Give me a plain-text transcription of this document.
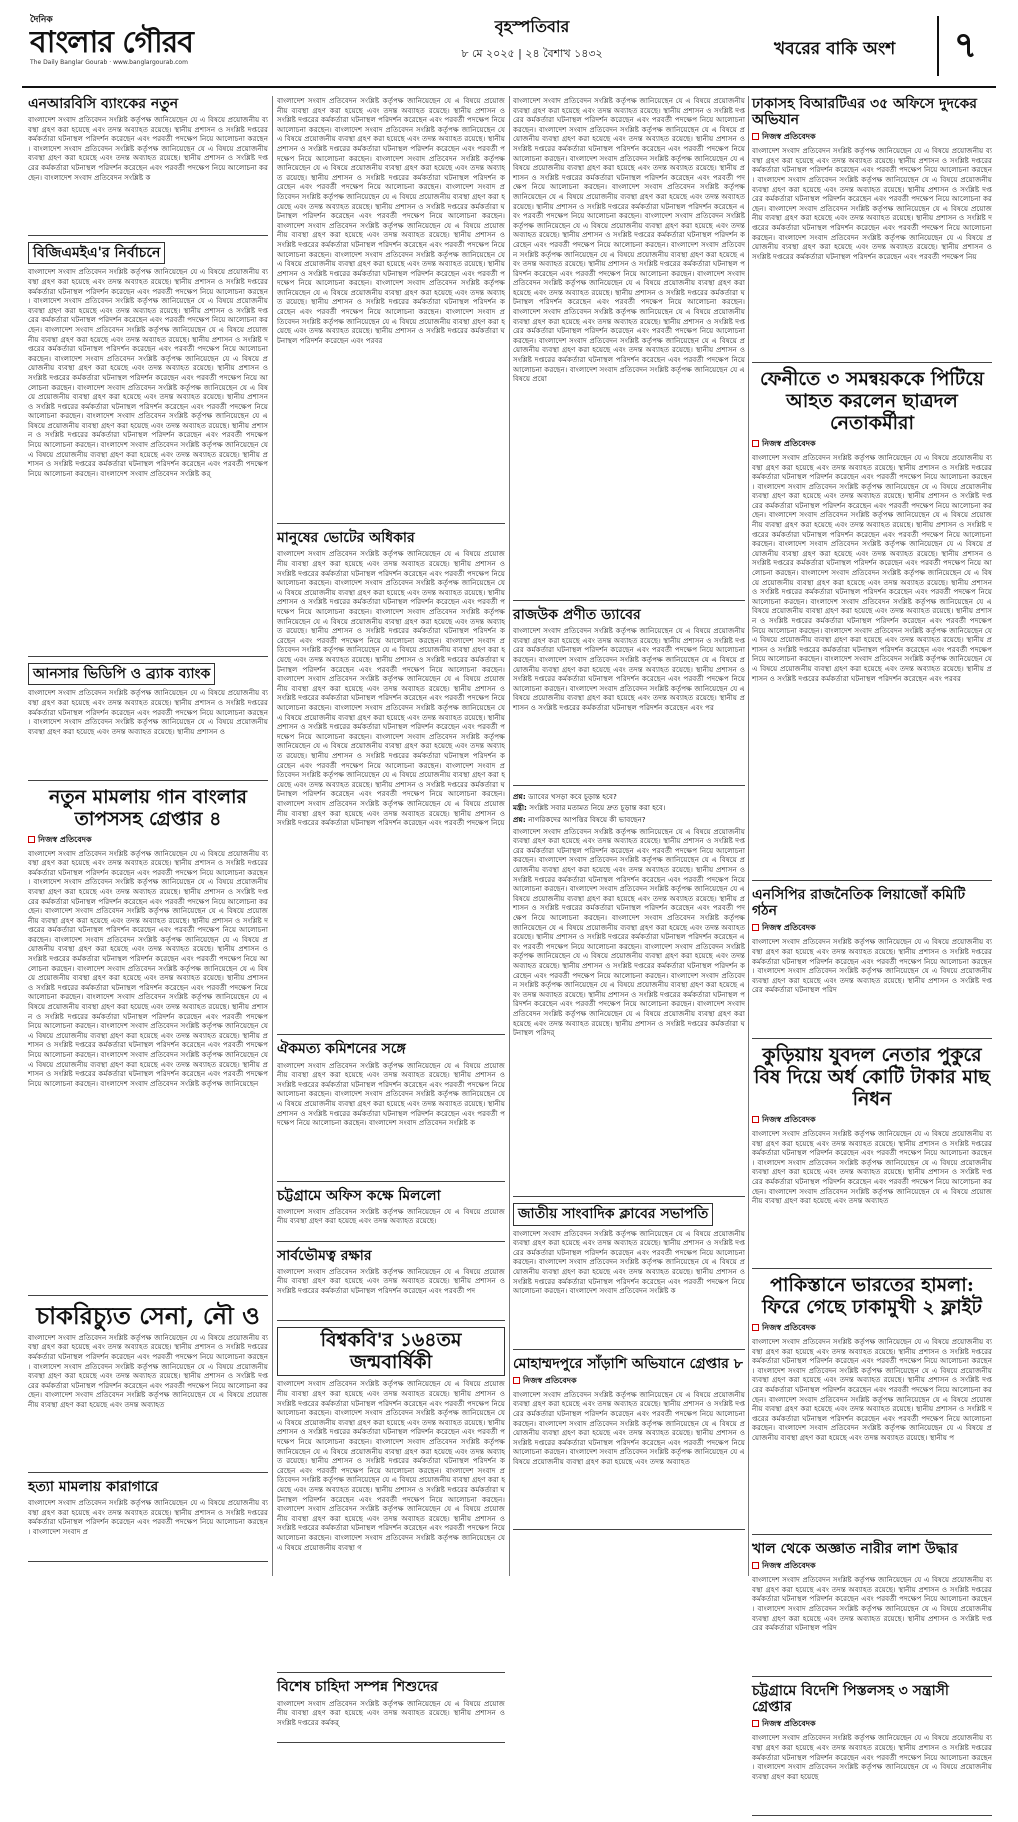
দৈনিক
বাংলার গৌরব
The Daily Banglar Gourab · www.banglargourab.com
বৃহস্পতিবার
৮ মে ২০২৫ | ২৪ বৈশাখ ১৪৩২	খবরের বাকি অংশ	৭
এনআরবিসি ব্যাংকের নতুন
বাংলাদেশ সংবাদ প্রতিবেদন সংশ্লিষ্ট কর্তৃপক্ষ জানিয়েছেন যে এ বিষয়ে প্রয়োজনীয় ব্যবস্থা গ্রহণ করা হয়েছে এবং তদন্ত অব্যাহত রয়েছে। স্থানীয় প্রশাসন ও সংশ্লিষ্ট দপ্তরের কর্মকর্তারা ঘটনাস্থল পরিদর্শন করেছেন এবং পরবর্তী পদক্ষেপ নিয়ে আলোচনা করছেন। বাংলাদেশ সংবাদ প্রতিবেদন সংশ্লিষ্ট কর্তৃপক্ষ জানিয়েছেন যে এ বিষয়ে প্রয়োজনীয় ব্যবস্থা গ্রহণ করা হয়েছে এবং তদন্ত অব্যাহত রয়েছে। স্থানীয় প্রশাসন ও সংশ্লিষ্ট দপ্তরের কর্মকর্তারা ঘটনাস্থল পরিদর্শন করেছেন এবং পরবর্তী পদক্ষেপ নিয়ে আলোচনা করছেন। বাংলাদেশ সংবাদ প্রতিবেদন সংশ্লিষ্ট ক
বিজিএমইএ'র নির্বাচনে
বাংলাদেশ সংবাদ প্রতিবেদন সংশ্লিষ্ট কর্তৃপক্ষ জানিয়েছেন যে এ বিষয়ে প্রয়োজনীয় ব্যবস্থা গ্রহণ করা হয়েছে এবং তদন্ত অব্যাহত রয়েছে। স্থানীয় প্রশাসন ও সংশ্লিষ্ট দপ্তরের কর্মকর্তারা ঘটনাস্থল পরিদর্শন করেছেন এবং পরবর্তী পদক্ষেপ নিয়ে আলোচনা করছেন। বাংলাদেশ সংবাদ প্রতিবেদন সংশ্লিষ্ট কর্তৃপক্ষ জানিয়েছেন যে এ বিষয়ে প্রয়োজনীয় ব্যবস্থা গ্রহণ করা হয়েছে এবং তদন্ত অব্যাহত রয়েছে। স্থানীয় প্রশাসন ও সংশ্লিষ্ট দপ্তরের কর্মকর্তারা ঘটনাস্থল পরিদর্শন করেছেন এবং পরবর্তী পদক্ষেপ নিয়ে আলোচনা করছেন। বাংলাদেশ সংবাদ প্রতিবেদন সংশ্লিষ্ট কর্তৃপক্ষ জানিয়েছেন যে এ বিষয়ে প্রয়োজনীয় ব্যবস্থা গ্রহণ করা হয়েছে এবং তদন্ত অব্যাহত রয়েছে। স্থানীয় প্রশাসন ও সংশ্লিষ্ট দপ্তরের কর্মকর্তারা ঘটনাস্থল পরিদর্শন করেছেন এবং পরবর্তী পদক্ষেপ নিয়ে আলোচনা করছেন। বাংলাদেশ সংবাদ প্রতিবেদন সংশ্লিষ্ট কর্তৃপক্ষ জানিয়েছেন যে এ বিষয়ে প্রয়োজনীয় ব্যবস্থা গ্রহণ করা হয়েছে এবং তদন্ত অব্যাহত রয়েছে। স্থানীয় প্রশাসন ও সংশ্লিষ্ট দপ্তরের কর্মকর্তারা ঘটনাস্থল পরিদর্শন করেছেন এবং পরবর্তী পদক্ষেপ নিয়ে আলোচনা করছেন। বাংলাদেশ সংবাদ প্রতিবেদন সংশ্লিষ্ট কর্তৃপক্ষ জানিয়েছেন যে এ বিষয়ে প্রয়োজনীয় ব্যবস্থা গ্রহণ করা হয়েছে এবং তদন্ত অব্যাহত রয়েছে। স্থানীয় প্রশাসন ও সংশ্লিষ্ট দপ্তরের কর্মকর্তারা ঘটনাস্থল পরিদর্শন করেছেন এবং পরবর্তী পদক্ষেপ নিয়ে আলোচনা করছেন। বাংলাদেশ সংবাদ প্রতিবেদন সংশ্লিষ্ট কর্তৃপক্ষ জানিয়েছেন যে এ বিষয়ে প্রয়োজনীয় ব্যবস্থা গ্রহণ করা হয়েছে এবং তদন্ত অব্যাহত রয়েছে। স্থানীয় প্রশাসন ও সংশ্লিষ্ট দপ্তরের কর্মকর্তারা ঘটনাস্থল পরিদর্শন করেছেন এবং পরবর্তী পদক্ষেপ নিয়ে আলোচনা করছেন। বাংলাদেশ সংবাদ প্রতিবেদন সংশ্লিষ্ট কর্তৃপক্ষ জানিয়েছেন যে এ বিষয়ে প্রয়োজনীয় ব্যবস্থা গ্রহণ করা হয়েছে এবং তদন্ত অব্যাহত রয়েছে। স্থানীয় প্রশাসন ও সংশ্লিষ্ট দপ্তরের কর্মকর্তারা ঘটনাস্থল পরিদর্শন করেছেন এবং পরবর্তী পদক্ষেপ নিয়ে আলোচনা করছেন। বাংলাদেশ সংবাদ প্রতিবেদন সংশ্লিষ্ট কর্
আনসার ভিডিপি ও ব্র্যাক ব্যাংক
বাংলাদেশ সংবাদ প্রতিবেদন সংশ্লিষ্ট কর্তৃপক্ষ জানিয়েছেন যে এ বিষয়ে প্রয়োজনীয় ব্যবস্থা গ্রহণ করা হয়েছে এবং তদন্ত অব্যাহত রয়েছে। স্থানীয় প্রশাসন ও সংশ্লিষ্ট দপ্তরের কর্মকর্তারা ঘটনাস্থল পরিদর্শন করেছেন এবং পরবর্তী পদক্ষেপ নিয়ে আলোচনা করছেন। বাংলাদেশ সংবাদ প্রতিবেদন সংশ্লিষ্ট কর্তৃপক্ষ জানিয়েছেন যে এ বিষয়ে প্রয়োজনীয় ব্যবস্থা গ্রহণ করা হয়েছে এবং তদন্ত অব্যাহত রয়েছে। স্থানীয় প্রশাসন ও
নতুন মামলায় গান বাংলার তাপসসহ গ্রেপ্তার ৪
নিজস্ব প্রতিবেদক
বাংলাদেশ সংবাদ প্রতিবেদন সংশ্লিষ্ট কর্তৃপক্ষ জানিয়েছেন যে এ বিষয়ে প্রয়োজনীয় ব্যবস্থা গ্রহণ করা হয়েছে এবং তদন্ত অব্যাহত রয়েছে। স্থানীয় প্রশাসন ও সংশ্লিষ্ট দপ্তরের কর্মকর্তারা ঘটনাস্থল পরিদর্শন করেছেন এবং পরবর্তী পদক্ষেপ নিয়ে আলোচনা করছেন। বাংলাদেশ সংবাদ প্রতিবেদন সংশ্লিষ্ট কর্তৃপক্ষ জানিয়েছেন যে এ বিষয়ে প্রয়োজনীয় ব্যবস্থা গ্রহণ করা হয়েছে এবং তদন্ত অব্যাহত রয়েছে। স্থানীয় প্রশাসন ও সংশ্লিষ্ট দপ্তরের কর্মকর্তারা ঘটনাস্থল পরিদর্শন করেছেন এবং পরবর্তী পদক্ষেপ নিয়ে আলোচনা করছেন। বাংলাদেশ সংবাদ প্রতিবেদন সংশ্লিষ্ট কর্তৃপক্ষ জানিয়েছেন যে এ বিষয়ে প্রয়োজনীয় ব্যবস্থা গ্রহণ করা হয়েছে এবং তদন্ত অব্যাহত রয়েছে। স্থানীয় প্রশাসন ও সংশ্লিষ্ট দপ্তরের কর্মকর্তারা ঘটনাস্থল পরিদর্শন করেছেন এবং পরবর্তী পদক্ষেপ নিয়ে আলোচনা করছেন। বাংলাদেশ সংবাদ প্রতিবেদন সংশ্লিষ্ট কর্তৃপক্ষ জানিয়েছেন যে এ বিষয়ে প্রয়োজনীয় ব্যবস্থা গ্রহণ করা হয়েছে এবং তদন্ত অব্যাহত রয়েছে। স্থানীয় প্রশাসন ও সংশ্লিষ্ট দপ্তরের কর্মকর্তারা ঘটনাস্থল পরিদর্শন করেছেন এবং পরবর্তী পদক্ষেপ নিয়ে আলোচনা করছেন। বাংলাদেশ সংবাদ প্রতিবেদন সংশ্লিষ্ট কর্তৃপক্ষ জানিয়েছেন যে এ বিষয়ে প্রয়োজনীয় ব্যবস্থা গ্রহণ করা হয়েছে এবং তদন্ত অব্যাহত রয়েছে। স্থানীয় প্রশাসন ও সংশ্লিষ্ট দপ্তরের কর্মকর্তারা ঘটনাস্থল পরিদর্শন করেছেন এবং পরবর্তী পদক্ষেপ নিয়ে আলোচনা করছেন। বাংলাদেশ সংবাদ প্রতিবেদন সংশ্লিষ্ট কর্তৃপক্ষ জানিয়েছেন যে এ বিষয়ে প্রয়োজনীয় ব্যবস্থা গ্রহণ করা হয়েছে এবং তদন্ত অব্যাহত রয়েছে। স্থানীয় প্রশাসন ও সংশ্লিষ্ট দপ্তরের কর্মকর্তারা ঘটনাস্থল পরিদর্শন করেছেন এবং পরবর্তী পদক্ষেপ নিয়ে আলোচনা করছেন। বাংলাদেশ সংবাদ প্রতিবেদন সংশ্লিষ্ট কর্তৃপক্ষ জানিয়েছেন যে এ বিষয়ে প্রয়োজনীয় ব্যবস্থা গ্রহণ করা হয়েছে এবং তদন্ত অব্যাহত রয়েছে। স্থানীয় প্রশাসন ও সংশ্লিষ্ট দপ্তরের কর্মকর্তারা ঘটনাস্থল পরিদর্শন করেছেন এবং পরবর্তী পদক্ষেপ নিয়ে আলোচনা করছেন। বাংলাদেশ সংবাদ প্রতিবেদন সংশ্লিষ্ট কর্তৃপক্ষ জানিয়েছেন যে এ বিষয়ে প্রয়োজনীয় ব্যবস্থা গ্রহণ করা হয়েছে এবং তদন্ত অব্যাহত রয়েছে। স্থানীয় প্রশাসন ও সংশ্লিষ্ট দপ্তরের কর্মকর্তারা ঘটনাস্থল পরিদর্শন করেছেন এবং পরবর্তী পদক্ষেপ নিয়ে আলোচনা করছেন। বাংলাদেশ সংবাদ প্রতিবেদন সংশ্লিষ্ট কর্তৃপক্ষ জানিয়েছেন
চাকরিচ্যুত সেনা, নৌ ও
বাংলাদেশ সংবাদ প্রতিবেদন সংশ্লিষ্ট কর্তৃপক্ষ জানিয়েছেন যে এ বিষয়ে প্রয়োজনীয় ব্যবস্থা গ্রহণ করা হয়েছে এবং তদন্ত অব্যাহত রয়েছে। স্থানীয় প্রশাসন ও সংশ্লিষ্ট দপ্তরের কর্মকর্তারা ঘটনাস্থল পরিদর্শন করেছেন এবং পরবর্তী পদক্ষেপ নিয়ে আলোচনা করছেন। বাংলাদেশ সংবাদ প্রতিবেদন সংশ্লিষ্ট কর্তৃপক্ষ জানিয়েছেন যে এ বিষয়ে প্রয়োজনীয় ব্যবস্থা গ্রহণ করা হয়েছে এবং তদন্ত অব্যাহত রয়েছে। স্থানীয় প্রশাসন ও সংশ্লিষ্ট দপ্তরের কর্মকর্তারা ঘটনাস্থল পরিদর্শন করেছেন এবং পরবর্তী পদক্ষেপ নিয়ে আলোচনা করছেন। বাংলাদেশ সংবাদ প্রতিবেদন সংশ্লিষ্ট কর্তৃপক্ষ জানিয়েছেন যে এ বিষয়ে প্রয়োজনীয় ব্যবস্থা গ্রহণ করা হয়েছে এবং তদন্ত অব্যাহত
হত্যা মামলায় কারাগারে
বাংলাদেশ সংবাদ প্রতিবেদন সংশ্লিষ্ট কর্তৃপক্ষ জানিয়েছেন যে এ বিষয়ে প্রয়োজনীয় ব্যবস্থা গ্রহণ করা হয়েছে এবং তদন্ত অব্যাহত রয়েছে। স্থানীয় প্রশাসন ও সংশ্লিষ্ট দপ্তরের কর্মকর্তারা ঘটনাস্থল পরিদর্শন করেছেন এবং পরবর্তী পদক্ষেপ নিয়ে আলোচনা করছেন। বাংলাদেশ সংবাদ প্র
বাংলাদেশ সংবাদ প্রতিবেদন সংশ্লিষ্ট কর্তৃপক্ষ জানিয়েছেন যে এ বিষয়ে প্রয়োজনীয় ব্যবস্থা গ্রহণ করা হয়েছে এবং তদন্ত অব্যাহত রয়েছে। স্থানীয় প্রশাসন ও সংশ্লিষ্ট দপ্তরের কর্মকর্তারা ঘটনাস্থল পরিদর্শন করেছেন এবং পরবর্তী পদক্ষেপ নিয়ে আলোচনা করছেন। বাংলাদেশ সংবাদ প্রতিবেদন সংশ্লিষ্ট কর্তৃপক্ষ জানিয়েছেন যে এ বিষয়ে প্রয়োজনীয় ব্যবস্থা গ্রহণ করা হয়েছে এবং তদন্ত অব্যাহত রয়েছে। স্থানীয় প্রশাসন ও সংশ্লিষ্ট দপ্তরের কর্মকর্তারা ঘটনাস্থল পরিদর্শন করেছেন এবং পরবর্তী পদক্ষেপ নিয়ে আলোচনা করছেন। বাংলাদেশ সংবাদ প্রতিবেদন সংশ্লিষ্ট কর্তৃপক্ষ জানিয়েছেন যে এ বিষয়ে প্রয়োজনীয় ব্যবস্থা গ্রহণ করা হয়েছে এবং তদন্ত অব্যাহত রয়েছে। স্থানীয় প্রশাসন ও সংশ্লিষ্ট দপ্তরের কর্মকর্তারা ঘটনাস্থল পরিদর্শন করেছেন এবং পরবর্তী পদক্ষেপ নিয়ে আলোচনা করছেন। বাংলাদেশ সংবাদ প্রতিবেদন সংশ্লিষ্ট কর্তৃপক্ষ জানিয়েছেন যে এ বিষয়ে প্রয়োজনীয় ব্যবস্থা গ্রহণ করা হয়েছে এবং তদন্ত অব্যাহত রয়েছে। স্থানীয় প্রশাসন ও সংশ্লিষ্ট দপ্তরের কর্মকর্তারা ঘটনাস্থল পরিদর্শন করেছেন এবং পরবর্তী পদক্ষেপ নিয়ে আলোচনা করছেন। বাংলাদেশ সংবাদ প্রতিবেদন সংশ্লিষ্ট কর্তৃপক্ষ জানিয়েছেন যে এ বিষয়ে প্রয়োজনীয় ব্যবস্থা গ্রহণ করা হয়েছে এবং তদন্ত অব্যাহত রয়েছে। স্থানীয় প্রশাসন ও সংশ্লিষ্ট দপ্তরের কর্মকর্তারা ঘটনাস্থল পরিদর্শন করেছেন এবং পরবর্তী পদক্ষেপ নিয়ে আলোচনা করছেন। বাংলাদেশ সংবাদ প্রতিবেদন সংশ্লিষ্ট কর্তৃপক্ষ জানিয়েছেন যে এ বিষয়ে প্রয়োজনীয় ব্যবস্থা গ্রহণ করা হয়েছে এবং তদন্ত অব্যাহত রয়েছে। স্থানীয় প্রশাসন ও সংশ্লিষ্ট দপ্তরের কর্মকর্তারা ঘটনাস্থল পরিদর্শন করেছেন এবং পরবর্তী পদক্ষেপ নিয়ে আলোচনা করছেন। বাংলাদেশ সংবাদ প্রতিবেদন সংশ্লিষ্ট কর্তৃপক্ষ জানিয়েছেন যে এ বিষয়ে প্রয়োজনীয় ব্যবস্থা গ্রহণ করা হয়েছে এবং তদন্ত অব্যাহত রয়েছে। স্থানীয় প্রশাসন ও সংশ্লিষ্ট দপ্তরের কর্মকর্তারা ঘটনাস্থল পরিদর্শন করেছেন এবং পরবর্তী পদক্ষেপ নিয়ে আলোচনা করছেন। বাংলাদেশ সংবাদ প্রতিবেদন সংশ্লিষ্ট কর্তৃপক্ষ জানিয়েছেন যে এ বিষয়ে প্রয়োজনীয় ব্যবস্থা গ্রহণ করা হয়েছে এবং তদন্ত অব্যাহত রয়েছে। স্থানীয় প্রশাসন ও সংশ্লিষ্ট দপ্তরের কর্মকর্তারা ঘটনাস্থল পরিদর্শন করেছেন এবং পরবর
মানুষের ভোটের অধিকার
বাংলাদেশ সংবাদ প্রতিবেদন সংশ্লিষ্ট কর্তৃপক্ষ জানিয়েছেন যে এ বিষয়ে প্রয়োজনীয় ব্যবস্থা গ্রহণ করা হয়েছে এবং তদন্ত অব্যাহত রয়েছে। স্থানীয় প্রশাসন ও সংশ্লিষ্ট দপ্তরের কর্মকর্তারা ঘটনাস্থল পরিদর্শন করেছেন এবং পরবর্তী পদক্ষেপ নিয়ে আলোচনা করছেন। বাংলাদেশ সংবাদ প্রতিবেদন সংশ্লিষ্ট কর্তৃপক্ষ জানিয়েছেন যে এ বিষয়ে প্রয়োজনীয় ব্যবস্থা গ্রহণ করা হয়েছে এবং তদন্ত অব্যাহত রয়েছে। স্থানীয় প্রশাসন ও সংশ্লিষ্ট দপ্তরের কর্মকর্তারা ঘটনাস্থল পরিদর্শন করেছেন এবং পরবর্তী পদক্ষেপ নিয়ে আলোচনা করছেন। বাংলাদেশ সংবাদ প্রতিবেদন সংশ্লিষ্ট কর্তৃপক্ষ জানিয়েছেন যে এ বিষয়ে প্রয়োজনীয় ব্যবস্থা গ্রহণ করা হয়েছে এবং তদন্ত অব্যাহত রয়েছে। স্থানীয় প্রশাসন ও সংশ্লিষ্ট দপ্তরের কর্মকর্তারা ঘটনাস্থল পরিদর্শন করেছেন এবং পরবর্তী পদক্ষেপ নিয়ে আলোচনা করছেন। বাংলাদেশ সংবাদ প্রতিবেদন সংশ্লিষ্ট কর্তৃপক্ষ জানিয়েছেন যে এ বিষয়ে প্রয়োজনীয় ব্যবস্থা গ্রহণ করা হয়েছে এবং তদন্ত অব্যাহত রয়েছে। স্থানীয় প্রশাসন ও সংশ্লিষ্ট দপ্তরের কর্মকর্তারা ঘটনাস্থল পরিদর্শন করেছেন এবং পরবর্তী পদক্ষেপ নিয়ে আলোচনা করছেন। বাংলাদেশ সংবাদ প্রতিবেদন সংশ্লিষ্ট কর্তৃপক্ষ জানিয়েছেন যে এ বিষয়ে প্রয়োজনীয় ব্যবস্থা গ্রহণ করা হয়েছে এবং তদন্ত অব্যাহত রয়েছে। স্থানীয় প্রশাসন ও সংশ্লিষ্ট দপ্তরের কর্মকর্তারা ঘটনাস্থল পরিদর্শন করেছেন এবং পরবর্তী পদক্ষেপ নিয়ে আলোচনা করছেন। বাংলাদেশ সংবাদ প্রতিবেদন সংশ্লিষ্ট কর্তৃপক্ষ জানিয়েছেন যে এ বিষয়ে প্রয়োজনীয় ব্যবস্থা গ্রহণ করা হয়েছে এবং তদন্ত অব্যাহত রয়েছে। স্থানীয় প্রশাসন ও সংশ্লিষ্ট দপ্তরের কর্মকর্তারা ঘটনাস্থল পরিদর্শন করেছেন এবং পরবর্তী পদক্ষেপ নিয়ে আলোচনা করছেন। বাংলাদেশ সংবাদ প্রতিবেদন সংশ্লিষ্ট কর্তৃপক্ষ জানিয়েছেন যে এ বিষয়ে প্রয়োজনীয় ব্যবস্থা গ্রহণ করা হয়েছে এবং তদন্ত অব্যাহত রয়েছে। স্থানীয় প্রশাসন ও সংশ্লিষ্ট দপ্তরের কর্মকর্তারা ঘটনাস্থল পরিদর্শন করেছেন এবং পরবর্তী পদক্ষেপ নিয়ে আলোচনা করছেন। বাংলাদেশ সংবাদ প্রতিবেদন সংশ্লিষ্ট কর্তৃপক্ষ জানিয়েছেন যে এ বিষয়ে প্রয়োজনীয় ব্যবস্থা গ্রহণ করা হয়েছে এবং তদন্ত অব্যাহত রয়েছে। স্থানীয় প্রশাসন ও সংশ্লিষ্ট দপ্তরের কর্মকর্তারা ঘটনাস্থল পরিদর্শন করেছেন এবং পরবর্তী পদক্ষেপ নিয়ে আলোচনা করছেন। বাংলাদেশ সংবাদ প্রতিবেদন সংশ্লিষ্ট কর্তৃপক্ষ জানিয়েছেন যে এ বিষয়ে প্রয়োজনীয় ব্যবস্থা গ্রহণ করা হয়েছে এবং তদন্ত অব্যাহত রয়েছে। স্থানীয় প্রশাসন ও সংশ্লিষ্ট দপ্তরের কর্মকর্তারা ঘটনাস্থল পরিদর্শন করেছেন এবং পরবর্তী পদক্ষেপ নিয়ে
ঐকমত্য কমিশনের সঙ্গে
বাংলাদেশ সংবাদ প্রতিবেদন সংশ্লিষ্ট কর্তৃপক্ষ জানিয়েছেন যে এ বিষয়ে প্রয়োজনীয় ব্যবস্থা গ্রহণ করা হয়েছে এবং তদন্ত অব্যাহত রয়েছে। স্থানীয় প্রশাসন ও সংশ্লিষ্ট দপ্তরের কর্মকর্তারা ঘটনাস্থল পরিদর্শন করেছেন এবং পরবর্তী পদক্ষেপ নিয়ে আলোচনা করছেন। বাংলাদেশ সংবাদ প্রতিবেদন সংশ্লিষ্ট কর্তৃপক্ষ জানিয়েছেন যে এ বিষয়ে প্রয়োজনীয় ব্যবস্থা গ্রহণ করা হয়েছে এবং তদন্ত অব্যাহত রয়েছে। স্থানীয় প্রশাসন ও সংশ্লিষ্ট দপ্তরের কর্মকর্তারা ঘটনাস্থল পরিদর্শন করেছেন এবং পরবর্তী পদক্ষেপ নিয়ে আলোচনা করছেন। বাংলাদেশ সংবাদ প্রতিবেদন সংশ্লিষ্ট ক
চট্টগ্রামে অফিস কক্ষে মিললো
বাংলাদেশ সংবাদ প্রতিবেদন সংশ্লিষ্ট কর্তৃপক্ষ জানিয়েছেন যে এ বিষয়ে প্রয়োজনীয় ব্যবস্থা গ্রহণ করা হয়েছে এবং তদন্ত অব্যাহত রয়েছে।
সার্বভৌমত্ব রক্ষার
বাংলাদেশ সংবাদ প্রতিবেদন সংশ্লিষ্ট কর্তৃপক্ষ জানিয়েছেন যে এ বিষয়ে প্রয়োজনীয় ব্যবস্থা গ্রহণ করা হয়েছে এবং তদন্ত অব্যাহত রয়েছে। স্থানীয় প্রশাসন ও সংশ্লিষ্ট দপ্তরের কর্মকর্তারা ঘটনাস্থল পরিদর্শন করেছেন এবং পরবর্তী পদ
বিশ্বকবি'র ১৬৪তম জন্মবার্ষিকী
বাংলাদেশ সংবাদ প্রতিবেদন সংশ্লিষ্ট কর্তৃপক্ষ জানিয়েছেন যে এ বিষয়ে প্রয়োজনীয় ব্যবস্থা গ্রহণ করা হয়েছে এবং তদন্ত অব্যাহত রয়েছে। স্থানীয় প্রশাসন ও সংশ্লিষ্ট দপ্তরের কর্মকর্তারা ঘটনাস্থল পরিদর্শন করেছেন এবং পরবর্তী পদক্ষেপ নিয়ে আলোচনা করছেন। বাংলাদেশ সংবাদ প্রতিবেদন সংশ্লিষ্ট কর্তৃপক্ষ জানিয়েছেন যে এ বিষয়ে প্রয়োজনীয় ব্যবস্থা গ্রহণ করা হয়েছে এবং তদন্ত অব্যাহত রয়েছে। স্থানীয় প্রশাসন ও সংশ্লিষ্ট দপ্তরের কর্মকর্তারা ঘটনাস্থল পরিদর্শন করেছেন এবং পরবর্তী পদক্ষেপ নিয়ে আলোচনা করছেন। বাংলাদেশ সংবাদ প্রতিবেদন সংশ্লিষ্ট কর্তৃপক্ষ জানিয়েছেন যে এ বিষয়ে প্রয়োজনীয় ব্যবস্থা গ্রহণ করা হয়েছে এবং তদন্ত অব্যাহত রয়েছে। স্থানীয় প্রশাসন ও সংশ্লিষ্ট দপ্তরের কর্মকর্তারা ঘটনাস্থল পরিদর্শন করেছেন এবং পরবর্তী পদক্ষেপ নিয়ে আলোচনা করছেন। বাংলাদেশ সংবাদ প্রতিবেদন সংশ্লিষ্ট কর্তৃপক্ষ জানিয়েছেন যে এ বিষয়ে প্রয়োজনীয় ব্যবস্থা গ্রহণ করা হয়েছে এবং তদন্ত অব্যাহত রয়েছে। স্থানীয় প্রশাসন ও সংশ্লিষ্ট দপ্তরের কর্মকর্তারা ঘটনাস্থল পরিদর্শন করেছেন এবং পরবর্তী পদক্ষেপ নিয়ে আলোচনা করছেন। বাংলাদেশ সংবাদ প্রতিবেদন সংশ্লিষ্ট কর্তৃপক্ষ জানিয়েছেন যে এ বিষয়ে প্রয়োজনীয় ব্যবস্থা গ্রহণ করা হয়েছে এবং তদন্ত অব্যাহত রয়েছে। স্থানীয় প্রশাসন ও সংশ্লিষ্ট দপ্তরের কর্মকর্তারা ঘটনাস্থল পরিদর্শন করেছেন এবং পরবর্তী পদক্ষেপ নিয়ে আলোচনা করছেন। বাংলাদেশ সংবাদ প্রতিবেদন সংশ্লিষ্ট কর্তৃপক্ষ জানিয়েছেন যে এ বিষয়ে প্রয়োজনীয় ব্যবস্থা গ
বিশেষ চাহিদা সম্পন্ন শিশুদের
বাংলাদেশ সংবাদ প্রতিবেদন সংশ্লিষ্ট কর্তৃপক্ষ জানিয়েছেন যে এ বিষয়ে প্রয়োজনীয় ব্যবস্থা গ্রহণ করা হয়েছে এবং তদন্ত অব্যাহত রয়েছে। স্থানীয় প্রশাসন ও সংশ্লিষ্ট দপ্তরের কর্মকর্
বাংলাদেশ সংবাদ প্রতিবেদন সংশ্লিষ্ট কর্তৃপক্ষ জানিয়েছেন যে এ বিষয়ে প্রয়োজনীয় ব্যবস্থা গ্রহণ করা হয়েছে এবং তদন্ত অব্যাহত রয়েছে। স্থানীয় প্রশাসন ও সংশ্লিষ্ট দপ্তরের কর্মকর্তারা ঘটনাস্থল পরিদর্শন করেছেন এবং পরবর্তী পদক্ষেপ নিয়ে আলোচনা করছেন। বাংলাদেশ সংবাদ প্রতিবেদন সংশ্লিষ্ট কর্তৃপক্ষ জানিয়েছেন যে এ বিষয়ে প্রয়োজনীয় ব্যবস্থা গ্রহণ করা হয়েছে এবং তদন্ত অব্যাহত রয়েছে। স্থানীয় প্রশাসন ও সংশ্লিষ্ট দপ্তরের কর্মকর্তারা ঘটনাস্থল পরিদর্শন করেছেন এবং পরবর্তী পদক্ষেপ নিয়ে আলোচনা করছেন। বাংলাদেশ সংবাদ প্রতিবেদন সংশ্লিষ্ট কর্তৃপক্ষ জানিয়েছেন যে এ বিষয়ে প্রয়োজনীয় ব্যবস্থা গ্রহণ করা হয়েছে এবং তদন্ত অব্যাহত রয়েছে। স্থানীয় প্রশাসন ও সংশ্লিষ্ট দপ্তরের কর্মকর্তারা ঘটনাস্থল পরিদর্শন করেছেন এবং পরবর্তী পদক্ষেপ নিয়ে আলোচনা করছেন। বাংলাদেশ সংবাদ প্রতিবেদন সংশ্লিষ্ট কর্তৃপক্ষ জানিয়েছেন যে এ বিষয়ে প্রয়োজনীয় ব্যবস্থা গ্রহণ করা হয়েছে এবং তদন্ত অব্যাহত রয়েছে। স্থানীয় প্রশাসন ও সংশ্লিষ্ট দপ্তরের কর্মকর্তারা ঘটনাস্থল পরিদর্শন করেছেন এবং পরবর্তী পদক্ষেপ নিয়ে আলোচনা করছেন। বাংলাদেশ সংবাদ প্রতিবেদন সংশ্লিষ্ট কর্তৃপক্ষ জানিয়েছেন যে এ বিষয়ে প্রয়োজনীয় ব্যবস্থা গ্রহণ করা হয়েছে এবং তদন্ত অব্যাহত রয়েছে। স্থানীয় প্রশাসন ও সংশ্লিষ্ট দপ্তরের কর্মকর্তারা ঘটনাস্থল পরিদর্শন করেছেন এবং পরবর্তী পদক্ষেপ নিয়ে আলোচনা করছেন। বাংলাদেশ সংবাদ প্রতিবেদন সংশ্লিষ্ট কর্তৃপক্ষ জানিয়েছেন যে এ বিষয়ে প্রয়োজনীয় ব্যবস্থা গ্রহণ করা হয়েছে এবং তদন্ত অব্যাহত রয়েছে। স্থানীয় প্রশাসন ও সংশ্লিষ্ট দপ্তরের কর্মকর্তারা ঘটনাস্থল পরিদর্শন করেছেন এবং পরবর্তী পদক্ষেপ নিয়ে আলোচনা করছেন। বাংলাদেশ সংবাদ প্রতিবেদন সংশ্লিষ্ট কর্তৃপক্ষ জানিয়েছেন যে এ বিষয়ে প্রয়োজনীয় ব্যবস্থা গ্রহণ করা হয়েছে এবং তদন্ত অব্যাহত রয়েছে। স্থানীয় প্রশাসন ও সংশ্লিষ্ট দপ্তরের কর্মকর্তারা ঘটনাস্থল পরিদর্শন করেছেন এবং পরবর্তী পদক্ষেপ নিয়ে আলোচনা করছেন। বাংলাদেশ সংবাদ প্রতিবেদন সংশ্লিষ্ট কর্তৃপক্ষ জানিয়েছেন যে এ বিষয়ে প্রয়োজনীয় ব্যবস্থা গ্রহণ করা হয়েছে এবং তদন্ত অব্যাহত রয়েছে। স্থানীয় প্রশাসন ও সংশ্লিষ্ট দপ্তরের কর্মকর্তারা ঘটনাস্থল পরিদর্শন করেছেন এবং পরবর্তী পদক্ষেপ নিয়ে আলোচনা করছেন। বাংলাদেশ সংবাদ প্রতিবেদন সংশ্লিষ্ট কর্তৃপক্ষ জানিয়েছেন যে এ বিষয়ে প্রয়োজনীয় ব্যবস্থা গ্রহণ করা হয়েছে এবং তদন্ত অব্যাহত রয়েছে। স্থানীয় প্রশাসন ও সংশ্লিষ্ট দপ্তরের কর্মকর্তারা ঘটনাস্থল পরিদর্শন করেছেন এবং পরবর্তী পদক্ষেপ নিয়ে আলোচনা করছেন। বাংলাদেশ সংবাদ প্রতিবেদন সংশ্লিষ্ট কর্তৃপক্ষ জানিয়েছেন যে এ বিষয়ে প্রয়ো
রাজউক প্রণীত ড্যাবের
বাংলাদেশ সংবাদ প্রতিবেদন সংশ্লিষ্ট কর্তৃপক্ষ জানিয়েছেন যে এ বিষয়ে প্রয়োজনীয় ব্যবস্থা গ্রহণ করা হয়েছে এবং তদন্ত অব্যাহত রয়েছে। স্থানীয় প্রশাসন ও সংশ্লিষ্ট দপ্তরের কর্মকর্তারা ঘটনাস্থল পরিদর্শন করেছেন এবং পরবর্তী পদক্ষেপ নিয়ে আলোচনা করছেন। বাংলাদেশ সংবাদ প্রতিবেদন সংশ্লিষ্ট কর্তৃপক্ষ জানিয়েছেন যে এ বিষয়ে প্রয়োজনীয় ব্যবস্থা গ্রহণ করা হয়েছে এবং তদন্ত অব্যাহত রয়েছে। স্থানীয় প্রশাসন ও সংশ্লিষ্ট দপ্তরের কর্মকর্তারা ঘটনাস্থল পরিদর্শন করেছেন এবং পরবর্তী পদক্ষেপ নিয়ে আলোচনা করছেন। বাংলাদেশ সংবাদ প্রতিবেদন সংশ্লিষ্ট কর্তৃপক্ষ জানিয়েছেন যে এ বিষয়ে প্রয়োজনীয় ব্যবস্থা গ্রহণ করা হয়েছে এবং তদন্ত অব্যাহত রয়েছে। স্থানীয় প্রশাসন ও সংশ্লিষ্ট দপ্তরের কর্মকর্তারা ঘটনাস্থল পরিদর্শন করেছেন এবং পর
প্রশ্ন: ড্যাবের খসড়া কবে চূড়ান্ত হবে?
মন্ত্রী: সংশ্লিষ্ট সবার মতামত নিয়ে দ্রুত চূড়ান্ত করা হবে।
প্রশ্ন: নাগরিকদের আপত্তির বিষয়ে কী ভাবছেন?
বাংলাদেশ সংবাদ প্রতিবেদন সংশ্লিষ্ট কর্তৃপক্ষ জানিয়েছেন যে এ বিষয়ে প্রয়োজনীয় ব্যবস্থা গ্রহণ করা হয়েছে এবং তদন্ত অব্যাহত রয়েছে। স্থানীয় প্রশাসন ও সংশ্লিষ্ট দপ্তরের কর্মকর্তারা ঘটনাস্থল পরিদর্শন করেছেন এবং পরবর্তী পদক্ষেপ নিয়ে আলোচনা করছেন। বাংলাদেশ সংবাদ প্রতিবেদন সংশ্লিষ্ট কর্তৃপক্ষ জানিয়েছেন যে এ বিষয়ে প্রয়োজনীয় ব্যবস্থা গ্রহণ করা হয়েছে এবং তদন্ত অব্যাহত রয়েছে। স্থানীয় প্রশাসন ও সংশ্লিষ্ট দপ্তরের কর্মকর্তারা ঘটনাস্থল পরিদর্শন করেছেন এবং পরবর্তী পদক্ষেপ নিয়ে আলোচনা করছেন। বাংলাদেশ সংবাদ প্রতিবেদন সংশ্লিষ্ট কর্তৃপক্ষ জানিয়েছেন যে এ বিষয়ে প্রয়োজনীয় ব্যবস্থা গ্রহণ করা হয়েছে এবং তদন্ত অব্যাহত রয়েছে। স্থানীয় প্রশাসন ও সংশ্লিষ্ট দপ্তরের কর্মকর্তারা ঘটনাস্থল পরিদর্শন করেছেন এবং পরবর্তী পদক্ষেপ নিয়ে আলোচনা করছেন। বাংলাদেশ সংবাদ প্রতিবেদন সংশ্লিষ্ট কর্তৃপক্ষ জানিয়েছেন যে এ বিষয়ে প্রয়োজনীয় ব্যবস্থা গ্রহণ করা হয়েছে এবং তদন্ত অব্যাহত রয়েছে। স্থানীয় প্রশাসন ও সংশ্লিষ্ট দপ্তরের কর্মকর্তারা ঘটনাস্থল পরিদর্শন করেছেন এবং পরবর্তী পদক্ষেপ নিয়ে আলোচনা করছেন। বাংলাদেশ সংবাদ প্রতিবেদন সংশ্লিষ্ট কর্তৃপক্ষ জানিয়েছেন যে এ বিষয়ে প্রয়োজনীয় ব্যবস্থা গ্রহণ করা হয়েছে এবং তদন্ত অব্যাহত রয়েছে। স্থানীয় প্রশাসন ও সংশ্লিষ্ট দপ্তরের কর্মকর্তারা ঘটনাস্থল পরিদর্শন করেছেন এবং পরবর্তী পদক্ষেপ নিয়ে আলোচনা করছেন। বাংলাদেশ সংবাদ প্রতিবেদন সংশ্লিষ্ট কর্তৃপক্ষ জানিয়েছেন যে এ বিষয়ে প্রয়োজনীয় ব্যবস্থা গ্রহণ করা হয়েছে এবং তদন্ত অব্যাহত রয়েছে। স্থানীয় প্রশাসন ও সংশ্লিষ্ট দপ্তরের কর্মকর্তারা ঘটনাস্থল পরিদর্শন করেছেন এবং পরবর্তী পদক্ষেপ নিয়ে আলোচনা করছেন। বাংলাদেশ সংবাদ প্রতিবেদন সংশ্লিষ্ট কর্তৃপক্ষ জানিয়েছেন যে এ বিষয়ে প্রয়োজনীয় ব্যবস্থা গ্রহণ করা হয়েছে এবং তদন্ত অব্যাহত রয়েছে। স্থানীয় প্রশাসন ও সংশ্লিষ্ট দপ্তরের কর্মকর্তারা ঘটনাস্থল পরিদর্
জাতীয় সাংবাদিক ক্লাবের সভাপতি
বাংলাদেশ সংবাদ প্রতিবেদন সংশ্লিষ্ট কর্তৃপক্ষ জানিয়েছেন যে এ বিষয়ে প্রয়োজনীয় ব্যবস্থা গ্রহণ করা হয়েছে এবং তদন্ত অব্যাহত রয়েছে। স্থানীয় প্রশাসন ও সংশ্লিষ্ট দপ্তরের কর্মকর্তারা ঘটনাস্থল পরিদর্শন করেছেন এবং পরবর্তী পদক্ষেপ নিয়ে আলোচনা করছেন। বাংলাদেশ সংবাদ প্রতিবেদন সংশ্লিষ্ট কর্তৃপক্ষ জানিয়েছেন যে এ বিষয়ে প্রয়োজনীয় ব্যবস্থা গ্রহণ করা হয়েছে এবং তদন্ত অব্যাহত রয়েছে। স্থানীয় প্রশাসন ও সংশ্লিষ্ট দপ্তরের কর্মকর্তারা ঘটনাস্থল পরিদর্শন করেছেন এবং পরবর্তী পদক্ষেপ নিয়ে আলোচনা করছেন। বাংলাদেশ সংবাদ প্রতিবেদন সংশ্লিষ্ট ক
মোহাম্মদপুরে সাঁড়াশি অভিযানে গ্রেপ্তার ৮
নিজস্ব প্রতিবেদক
বাংলাদেশ সংবাদ প্রতিবেদন সংশ্লিষ্ট কর্তৃপক্ষ জানিয়েছেন যে এ বিষয়ে প্রয়োজনীয় ব্যবস্থা গ্রহণ করা হয়েছে এবং তদন্ত অব্যাহত রয়েছে। স্থানীয় প্রশাসন ও সংশ্লিষ্ট দপ্তরের কর্মকর্তারা ঘটনাস্থল পরিদর্শন করেছেন এবং পরবর্তী পদক্ষেপ নিয়ে আলোচনা করছেন। বাংলাদেশ সংবাদ প্রতিবেদন সংশ্লিষ্ট কর্তৃপক্ষ জানিয়েছেন যে এ বিষয়ে প্রয়োজনীয় ব্যবস্থা গ্রহণ করা হয়েছে এবং তদন্ত অব্যাহত রয়েছে। স্থানীয় প্রশাসন ও সংশ্লিষ্ট দপ্তরের কর্মকর্তারা ঘটনাস্থল পরিদর্শন করেছেন এবং পরবর্তী পদক্ষেপ নিয়ে আলোচনা করছেন। বাংলাদেশ সংবাদ প্রতিবেদন সংশ্লিষ্ট কর্তৃপক্ষ জানিয়েছেন যে এ বিষয়ে প্রয়োজনীয় ব্যবস্থা গ্রহণ করা হয়েছে এবং তদন্ত অব্যাহত
ঢাকাসহ বিআরটিএর ৩৫ অফিসে দুদকের অভিযান
নিজস্ব প্রতিবেদক
বাংলাদেশ সংবাদ প্রতিবেদন সংশ্লিষ্ট কর্তৃপক্ষ জানিয়েছেন যে এ বিষয়ে প্রয়োজনীয় ব্যবস্থা গ্রহণ করা হয়েছে এবং তদন্ত অব্যাহত রয়েছে। স্থানীয় প্রশাসন ও সংশ্লিষ্ট দপ্তরের কর্মকর্তারা ঘটনাস্থল পরিদর্শন করেছেন এবং পরবর্তী পদক্ষেপ নিয়ে আলোচনা করছেন। বাংলাদেশ সংবাদ প্রতিবেদন সংশ্লিষ্ট কর্তৃপক্ষ জানিয়েছেন যে এ বিষয়ে প্রয়োজনীয় ব্যবস্থা গ্রহণ করা হয়েছে এবং তদন্ত অব্যাহত রয়েছে। স্থানীয় প্রশাসন ও সংশ্লিষ্ট দপ্তরের কর্মকর্তারা ঘটনাস্থল পরিদর্শন করেছেন এবং পরবর্তী পদক্ষেপ নিয়ে আলোচনা করছেন। বাংলাদেশ সংবাদ প্রতিবেদন সংশ্লিষ্ট কর্তৃপক্ষ জানিয়েছেন যে এ বিষয়ে প্রয়োজনীয় ব্যবস্থা গ্রহণ করা হয়েছে এবং তদন্ত অব্যাহত রয়েছে। স্থানীয় প্রশাসন ও সংশ্লিষ্ট দপ্তরের কর্মকর্তারা ঘটনাস্থল পরিদর্শন করেছেন এবং পরবর্তী পদক্ষেপ নিয়ে আলোচনা করছেন। বাংলাদেশ সংবাদ প্রতিবেদন সংশ্লিষ্ট কর্তৃপক্ষ জানিয়েছেন যে এ বিষয়ে প্রয়োজনীয় ব্যবস্থা গ্রহণ করা হয়েছে এবং তদন্ত অব্যাহত রয়েছে। স্থানীয় প্রশাসন ও সংশ্লিষ্ট দপ্তরের কর্মকর্তারা ঘটনাস্থল পরিদর্শন করেছেন এবং পরবর্তী পদক্ষেপ নিয়
ফেনীতে ৩ সমন্বয়ককে পিটিয়ে আহত করলেন ছাত্রদল নেতাকর্মীরা
নিজস্ব প্রতিবেদক
বাংলাদেশ সংবাদ প্রতিবেদন সংশ্লিষ্ট কর্তৃপক্ষ জানিয়েছেন যে এ বিষয়ে প্রয়োজনীয় ব্যবস্থা গ্রহণ করা হয়েছে এবং তদন্ত অব্যাহত রয়েছে। স্থানীয় প্রশাসন ও সংশ্লিষ্ট দপ্তরের কর্মকর্তারা ঘটনাস্থল পরিদর্শন করেছেন এবং পরবর্তী পদক্ষেপ নিয়ে আলোচনা করছেন। বাংলাদেশ সংবাদ প্রতিবেদন সংশ্লিষ্ট কর্তৃপক্ষ জানিয়েছেন যে এ বিষয়ে প্রয়োজনীয় ব্যবস্থা গ্রহণ করা হয়েছে এবং তদন্ত অব্যাহত রয়েছে। স্থানীয় প্রশাসন ও সংশ্লিষ্ট দপ্তরের কর্মকর্তারা ঘটনাস্থল পরিদর্শন করেছেন এবং পরবর্তী পদক্ষেপ নিয়ে আলোচনা করছেন। বাংলাদেশ সংবাদ প্রতিবেদন সংশ্লিষ্ট কর্তৃপক্ষ জানিয়েছেন যে এ বিষয়ে প্রয়োজনীয় ব্যবস্থা গ্রহণ করা হয়েছে এবং তদন্ত অব্যাহত রয়েছে। স্থানীয় প্রশাসন ও সংশ্লিষ্ট দপ্তরের কর্মকর্তারা ঘটনাস্থল পরিদর্শন করেছেন এবং পরবর্তী পদক্ষেপ নিয়ে আলোচনা করছেন। বাংলাদেশ সংবাদ প্রতিবেদন সংশ্লিষ্ট কর্তৃপক্ষ জানিয়েছেন যে এ বিষয়ে প্রয়োজনীয় ব্যবস্থা গ্রহণ করা হয়েছে এবং তদন্ত অব্যাহত রয়েছে। স্থানীয় প্রশাসন ও সংশ্লিষ্ট দপ্তরের কর্মকর্তারা ঘটনাস্থল পরিদর্শন করেছেন এবং পরবর্তী পদক্ষেপ নিয়ে আলোচনা করছেন। বাংলাদেশ সংবাদ প্রতিবেদন সংশ্লিষ্ট কর্তৃপক্ষ জানিয়েছেন যে এ বিষয়ে প্রয়োজনীয় ব্যবস্থা গ্রহণ করা হয়েছে এবং তদন্ত অব্যাহত রয়েছে। স্থানীয় প্রশাসন ও সংশ্লিষ্ট দপ্তরের কর্মকর্তারা ঘটনাস্থল পরিদর্শন করেছেন এবং পরবর্তী পদক্ষেপ নিয়ে আলোচনা করছেন। বাংলাদেশ সংবাদ প্রতিবেদন সংশ্লিষ্ট কর্তৃপক্ষ জানিয়েছেন যে এ বিষয়ে প্রয়োজনীয় ব্যবস্থা গ্রহণ করা হয়েছে এবং তদন্ত অব্যাহত রয়েছে। স্থানীয় প্রশাসন ও সংশ্লিষ্ট দপ্তরের কর্মকর্তারা ঘটনাস্থল পরিদর্শন করেছেন এবং পরবর্তী পদক্ষেপ নিয়ে আলোচনা করছেন। বাংলাদেশ সংবাদ প্রতিবেদন সংশ্লিষ্ট কর্তৃপক্ষ জানিয়েছেন যে এ বিষয়ে প্রয়োজনীয় ব্যবস্থা গ্রহণ করা হয়েছে এবং তদন্ত অব্যাহত রয়েছে। স্থানীয় প্রশাসন ও সংশ্লিষ্ট দপ্তরের কর্মকর্তারা ঘটনাস্থল পরিদর্শন করেছেন এবং পরবর্তী পদক্ষেপ নিয়ে আলোচনা করছেন। বাংলাদেশ সংবাদ প্রতিবেদন সংশ্লিষ্ট কর্তৃপক্ষ জানিয়েছেন যে এ বিষয়ে প্রয়োজনীয় ব্যবস্থা গ্রহণ করা হয়েছে এবং তদন্ত অব্যাহত রয়েছে। স্থানীয় প্রশাসন ও সংশ্লিষ্ট দপ্তরের কর্মকর্তারা ঘটনাস্থল পরিদর্শন করেছেন এবং পরবর
এনসিপির রাজনৈতিক লিয়াজোঁ কমিটি গঠন
নিজস্ব প্রতিবেদক
বাংলাদেশ সংবাদ প্রতিবেদন সংশ্লিষ্ট কর্তৃপক্ষ জানিয়েছেন যে এ বিষয়ে প্রয়োজনীয় ব্যবস্থা গ্রহণ করা হয়েছে এবং তদন্ত অব্যাহত রয়েছে। স্থানীয় প্রশাসন ও সংশ্লিষ্ট দপ্তরের কর্মকর্তারা ঘটনাস্থল পরিদর্শন করেছেন এবং পরবর্তী পদক্ষেপ নিয়ে আলোচনা করছেন। বাংলাদেশ সংবাদ প্রতিবেদন সংশ্লিষ্ট কর্তৃপক্ষ জানিয়েছেন যে এ বিষয়ে প্রয়োজনীয় ব্যবস্থা গ্রহণ করা হয়েছে এবং তদন্ত অব্যাহত রয়েছে। স্থানীয় প্রশাসন ও সংশ্লিষ্ট দপ্তরের কর্মকর্তারা ঘটনাস্থল পরিদ
কুড়িয়ায় যুবদল নেতার পুকুরে বিষ দিয়ে অর্ধ কোটি টাকার মাছ নিধন
নিজস্ব প্রতিবেদক
বাংলাদেশ সংবাদ প্রতিবেদন সংশ্লিষ্ট কর্তৃপক্ষ জানিয়েছেন যে এ বিষয়ে প্রয়োজনীয় ব্যবস্থা গ্রহণ করা হয়েছে এবং তদন্ত অব্যাহত রয়েছে। স্থানীয় প্রশাসন ও সংশ্লিষ্ট দপ্তরের কর্মকর্তারা ঘটনাস্থল পরিদর্শন করেছেন এবং পরবর্তী পদক্ষেপ নিয়ে আলোচনা করছেন। বাংলাদেশ সংবাদ প্রতিবেদন সংশ্লিষ্ট কর্তৃপক্ষ জানিয়েছেন যে এ বিষয়ে প্রয়োজনীয় ব্যবস্থা গ্রহণ করা হয়েছে এবং তদন্ত অব্যাহত রয়েছে। স্থানীয় প্রশাসন ও সংশ্লিষ্ট দপ্তরের কর্মকর্তারা ঘটনাস্থল পরিদর্শন করেছেন এবং পরবর্তী পদক্ষেপ নিয়ে আলোচনা করছেন। বাংলাদেশ সংবাদ প্রতিবেদন সংশ্লিষ্ট কর্তৃপক্ষ জানিয়েছেন যে এ বিষয়ে প্রয়োজনীয় ব্যবস্থা গ্রহণ করা হয়েছে এবং তদন্ত অব্যাহত
পাকিস্তানে ভারতের হামলা: ফিরে গেছে ঢাকামুখী ২ ফ্লাইট
নিজস্ব প্রতিবেদক
বাংলাদেশ সংবাদ প্রতিবেদন সংশ্লিষ্ট কর্তৃপক্ষ জানিয়েছেন যে এ বিষয়ে প্রয়োজনীয় ব্যবস্থা গ্রহণ করা হয়েছে এবং তদন্ত অব্যাহত রয়েছে। স্থানীয় প্রশাসন ও সংশ্লিষ্ট দপ্তরের কর্মকর্তারা ঘটনাস্থল পরিদর্শন করেছেন এবং পরবর্তী পদক্ষেপ নিয়ে আলোচনা করছেন। বাংলাদেশ সংবাদ প্রতিবেদন সংশ্লিষ্ট কর্তৃপক্ষ জানিয়েছেন যে এ বিষয়ে প্রয়োজনীয় ব্যবস্থা গ্রহণ করা হয়েছে এবং তদন্ত অব্যাহত রয়েছে। স্থানীয় প্রশাসন ও সংশ্লিষ্ট দপ্তরের কর্মকর্তারা ঘটনাস্থল পরিদর্শন করেছেন এবং পরবর্তী পদক্ষেপ নিয়ে আলোচনা করছেন। বাংলাদেশ সংবাদ প্রতিবেদন সংশ্লিষ্ট কর্তৃপক্ষ জানিয়েছেন যে এ বিষয়ে প্রয়োজনীয় ব্যবস্থা গ্রহণ করা হয়েছে এবং তদন্ত অব্যাহত রয়েছে। স্থানীয় প্রশাসন ও সংশ্লিষ্ট দপ্তরের কর্মকর্তারা ঘটনাস্থল পরিদর্শন করেছেন এবং পরবর্তী পদক্ষেপ নিয়ে আলোচনা করছেন। বাংলাদেশ সংবাদ প্রতিবেদন সংশ্লিষ্ট কর্তৃপক্ষ জানিয়েছেন যে এ বিষয়ে প্রয়োজনীয় ব্যবস্থা গ্রহণ করা হয়েছে এবং তদন্ত অব্যাহত রয়েছে। স্থানীয় প
খাল থেকে অজ্ঞাত নারীর লাশ উদ্ধার
নিজস্ব প্রতিবেদক
বাংলাদেশ সংবাদ প্রতিবেদন সংশ্লিষ্ট কর্তৃপক্ষ জানিয়েছেন যে এ বিষয়ে প্রয়োজনীয় ব্যবস্থা গ্রহণ করা হয়েছে এবং তদন্ত অব্যাহত রয়েছে। স্থানীয় প্রশাসন ও সংশ্লিষ্ট দপ্তরের কর্মকর্তারা ঘটনাস্থল পরিদর্শন করেছেন এবং পরবর্তী পদক্ষেপ নিয়ে আলোচনা করছেন। বাংলাদেশ সংবাদ প্রতিবেদন সংশ্লিষ্ট কর্তৃপক্ষ জানিয়েছেন যে এ বিষয়ে প্রয়োজনীয় ব্যবস্থা গ্রহণ করা হয়েছে এবং তদন্ত অব্যাহত রয়েছে। স্থানীয় প্রশাসন ও সংশ্লিষ্ট দপ্তরের কর্মকর্তারা ঘটনাস্থল পরিদ
চট্টগ্রামে বিদেশি পিস্তলসহ ৩ সন্ত্রাসী গ্রেপ্তার
নিজস্ব প্রতিবেদক
বাংলাদেশ সংবাদ প্রতিবেদন সংশ্লিষ্ট কর্তৃপক্ষ জানিয়েছেন যে এ বিষয়ে প্রয়োজনীয় ব্যবস্থা গ্রহণ করা হয়েছে এবং তদন্ত অব্যাহত রয়েছে। স্থানীয় প্রশাসন ও সংশ্লিষ্ট দপ্তরের কর্মকর্তারা ঘটনাস্থল পরিদর্শন করেছেন এবং পরবর্তী পদক্ষেপ নিয়ে আলোচনা করছেন। বাংলাদেশ সংবাদ প্রতিবেদন সংশ্লিষ্ট কর্তৃপক্ষ জানিয়েছেন যে এ বিষয়ে প্রয়োজনীয় ব্যবস্থা গ্রহণ করা হয়েছে
